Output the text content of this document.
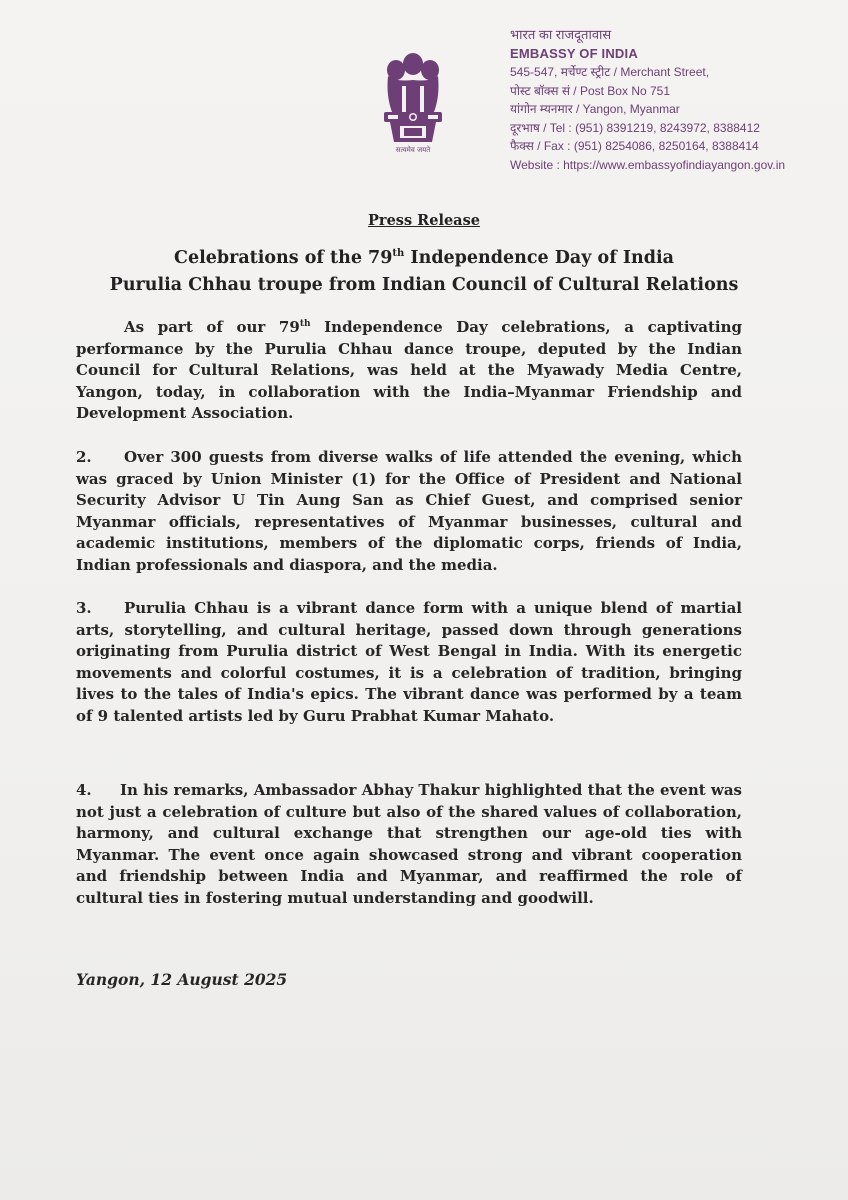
सत्यमेव जयते
भारत का राजदूतावास
EMBASSY OF INDIA
545-547, मर्चेण्ट स्ट्रीट / Merchant Street,
पोस्ट बॉक्स सं / Post Box No 751
यांगोन म्यनमार / Yangon, Myanmar
दूरभाष / Tel : (951) 8391219, 8243972, 8388412
फैक्स / Fax : (951) 8254086, 8250164, 8388414
Website : https://www.embassyofindiayangon.gov.in
Press Release
Celebrations of the 79th Independence Day of India
Purulia Chhau troupe from Indian Council of Cultural Relations
As part of our 79th Independence Day celebrations, a captivating performance by the Purulia Chhau dance troupe, deputed by the Indian Council for Cultural Relations, was held at the Myawady Media Centre, Yangon, today, in collaboration with the India–Myanmar Friendship and Development Association.
2. Over 300 guests from diverse walks of life attended the evening, which was graced by Union Minister (1) for the Office of President and National Security Advisor U Tin Aung San as Chief Guest, and comprised senior Myanmar officials, representatives of Myanmar businesses, cultural and academic institutions, members of the diplomatic corps, friends of India, Indian professionals and diaspora, and the media.
3. Purulia Chhau is a vibrant dance form with a unique blend of martial arts, storytelling, and cultural heritage, passed down through generations originating from Purulia district of West Bengal in India. With its energetic movements and colorful costumes, it is a celebration of tradition, bringing lives to the tales of India's epics. The vibrant dance was performed by a team of 9 talented artists led by Guru Prabhat Kumar Mahato.
4. In his remarks, Ambassador Abhay Thakur highlighted that the event was not just a celebration of culture but also of the shared values of collaboration, harmony, and cultural exchange that strengthen our age-old ties with Myanmar. The event once again showcased strong and vibrant cooperation and friendship between India and Myanmar, and reaffirmed the role of cultural ties in fostering mutual understanding and goodwill.
Yangon, 12 August 2025
